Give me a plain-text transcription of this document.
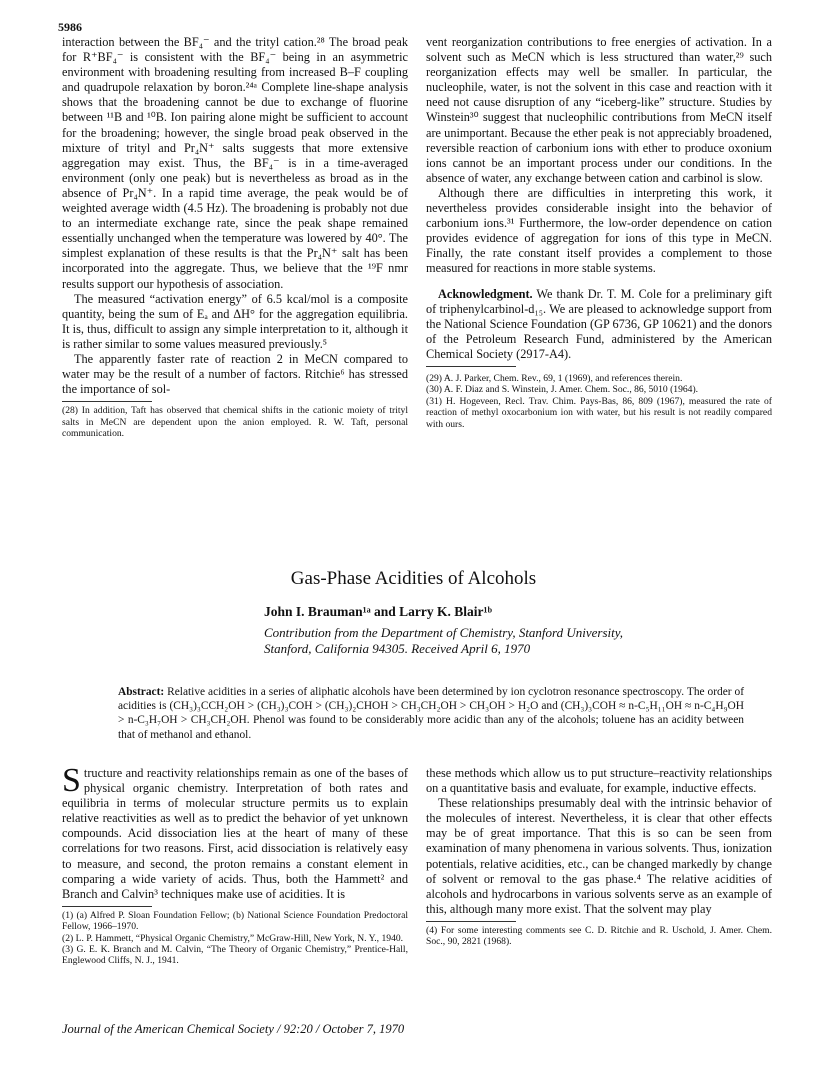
5986

interaction between the BF₄⁻ and the trityl cation.²⁸ The broad peak for R⁺BF₄⁻ is consistent with the BF₄⁻ being in an asymmetric environment with broadening resulting from increased B–F coupling and quadrupole relaxation by boron.²⁴ᵃ Complete line-shape analysis shows that the broadening cannot be due to exchange of fluorine between ¹¹B and ¹⁰B. Ion pairing alone might be sufficient to account for the broadening; however, the single broad peak observed in the mixture of trityl and Pr₄N⁺ salts suggests that more extensive aggregation may exist. Thus, the BF₄⁻ is in a time-averaged environment (only one peak) but is nevertheless as broad as in the absence of Pr₄N⁺. In a rapid time average, the peak would be of weighted average width (4.5 Hz). The broadening is probably not due to an intermediate exchange rate, since the peak shape remained essentially unchanged when the temperature was lowered by 40°. The simplest explanation of these results is that the Pr₄N⁺ salt has been incorporated into the aggregate. Thus, we believe that the ¹⁹F nmr results support our hypothesis of association.

The measured “activation energy” of 6.5 kcal/mol is a composite quantity, being the sum of Eₐ and ΔH° for the aggregation equilibria. It is, thus, difficult to assign any simple interpretation to it, although it is rather similar to some values measured previously.⁵

The apparently faster rate of reaction 2 in MeCN compared to water may be the result of a number of factors. Ritchie⁶ has stressed the importance of sol-

(28) In addition, Taft has observed that chemical shifts in the cationic moiety of trityl salts in MeCN are dependent upon the anion employed. R. W. Taft, personal communication.

vent reorganization contributions to free energies of activation. In a solvent such as MeCN which is less structured than water,²⁹ such reorganization effects may well be smaller. In particular, the nucleophile, water, is not the solvent in this case and reaction with it need not cause disruption of any “iceberg-like” structure. Studies by Winstein³⁰ suggest that nucleophilic contributions from MeCN itself are unimportant. Because the ether peak is not appreciably broadened, reversible reaction of carbonium ions with ether to produce oxonium ions cannot be an important process under our conditions. In the absence of water, any exchange between cation and carbinol is slow.

Although there are difficulties in interpreting this work, it nevertheless provides considerable insight into the behavior of carbonium ions.³¹ Furthermore, the low-order dependence on cation provides evidence of aggregation for ions of this type in MeCN. Finally, the rate constant itself provides a complement to those measured for reactions in more stable systems.

Acknowledgment. We thank Dr. T. M. Cole for a preliminary gift of triphenylcarbinol-d₁₅. We are pleased to acknowledge support from the National Science Foundation (GP 6736, GP 10621) and the donors of the Petroleum Research Fund, administered by the American Chemical Society (2917-A4).

(29) A. J. Parker, Chem. Rev., 69, 1 (1969), and references therein.

(30) A. F. Diaz and S. Winstein, J. Amer. Chem. Soc., 86, 5010 (1964).

(31) H. Hogeveen, Recl. Trav. Chim. Pays-Bas, 86, 809 (1967), measured the rate of reaction of methyl oxocarbonium ion with water, but his result is not readily compared with ours.

Gas-Phase Acidities of Alcohols
John I. Brauman¹ᵃ and Larry K. Blair¹ᵇ
Contribution from the Department of Chemistry, Stanford University,
Stanford, California 94305. Received April 6, 1970
Abstract: Relative acidities in a series of aliphatic alcohols have been determined by ion cyclotron resonance spectroscopy. The order of acidities is (CH₃)₃CCH₂OH > (CH₃)₃COH > (CH₃)₂CHOH > CH₃CH₂OH > CH₃OH > H₂O and (CH₃)₃COH ≈ n-C₅H₁₁OH ≈ n-C₄H₉OH > n-C₃H₇OH > CH₃CH₂OH. Phenol was found to be considerably more acidic than any of the alcohols; toluene has an acidity between that of methanol and ethanol.

Structure and reactivity relationships remain as one of the bases of physical organic chemistry. Interpretation of both rates and equilibria in terms of molecular structure permits us to explain relative reactivities as well as to predict the behavior of yet unknown compounds. Acid dissociation lies at the heart of many of these correlations for two reasons. First, acid dissociation is relatively easy to measure, and second, the proton remains a constant element in comparing a wide variety of acids. Thus, both the Hammett² and Branch and Calvin³ techniques make use of acidities. It is

(1) (a) Alfred P. Sloan Foundation Fellow; (b) National Science Foundation Predoctoral Fellow, 1966–1970.

(2) L. P. Hammett, “Physical Organic Chemistry,” McGraw-Hill, New York, N. Y., 1940.

(3) G. E. K. Branch and M. Calvin, “The Theory of Organic Chemistry,” Prentice-Hall, Englewood Cliffs, N. J., 1941.

these methods which allow us to put structure–reactivity relationships on a quantitative basis and evaluate, for example, inductive effects.

These relationships presumably deal with the intrinsic behavior of the molecules of interest. Nevertheless, it is clear that other effects may be of great importance. That this is so can be seen from examination of many phenomena in various solvents. Thus, ionization potentials, relative acidities, etc., can be changed markedly by change of solvent or removal to the gas phase.⁴ The relative acidities of alcohols and hydrocarbons in various solvents serve as an example of this, although many more exist. That the solvent may play

(4) For some interesting comments see C. D. Ritchie and R. Uschold, J. Amer. Chem. Soc., 90, 2821 (1968).

Journal of the American Chemical Society / 92:20 / October 7, 1970
